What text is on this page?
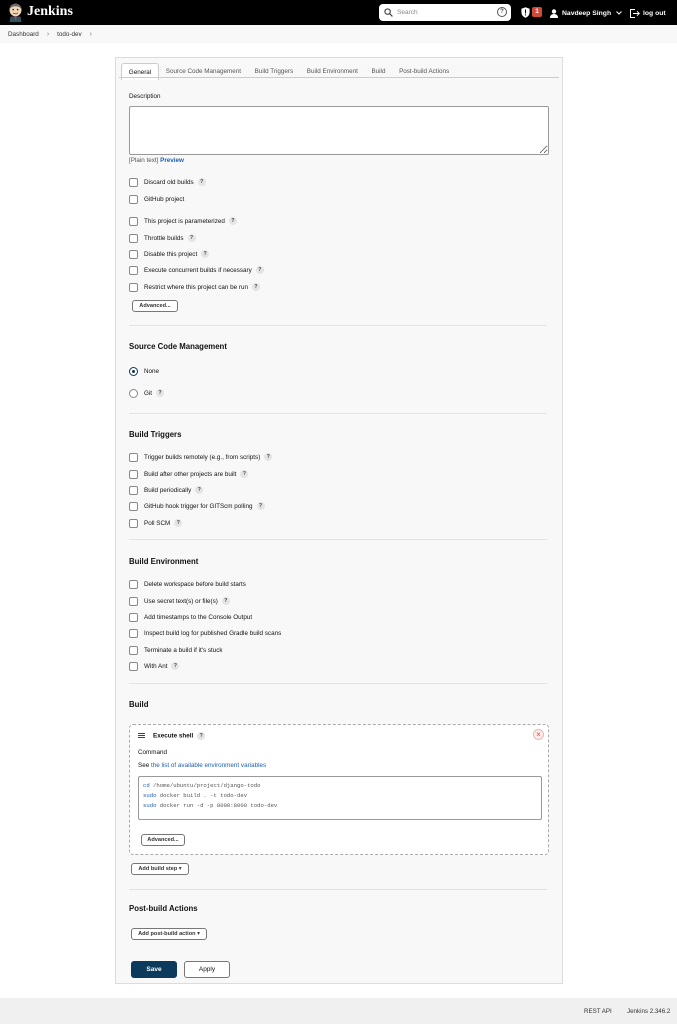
Jenkins
Search	?	1	Navdeep Singh	log out
Dashboard › todo-dev ›
General	Source Code Management	Build Triggers	Build Environment	Build	Post-build Actions
Description
[Plain text] Preview
Discard old builds ?
GitHub project
This project is parameterized ?
Throttle builds ?
Disable this project ?
Execute concurrent builds if necessary ?
Restrict where this project can be run ?
Advanced...
Source Code Management
None
Git ?
Build Triggers
Trigger builds remotely (e.g., from scripts) ?
Build after other projects are built ?
Build periodically ?
GitHub hook trigger for GITScm polling ?
Poll SCM ?
Build Environment
Delete workspace before build starts
Use secret text(s) or file(s) ?
Add timestamps to the Console Output
Inspect build log for published Gradle build scans
Terminate a build if it's stuck
With Ant ?
Build
Execute shell ?	×
Command
See the list of available environment variables
cd /home/ubuntu/project/django-todo
sudo docker build . -t todo-dev
sudo docker run -d -p 8000:8000 todo-dev
Advanced...
Add build step ▾
Post-build Actions
Add post-build action ▾
Save	Apply
REST API Jenkins 2.346.2
